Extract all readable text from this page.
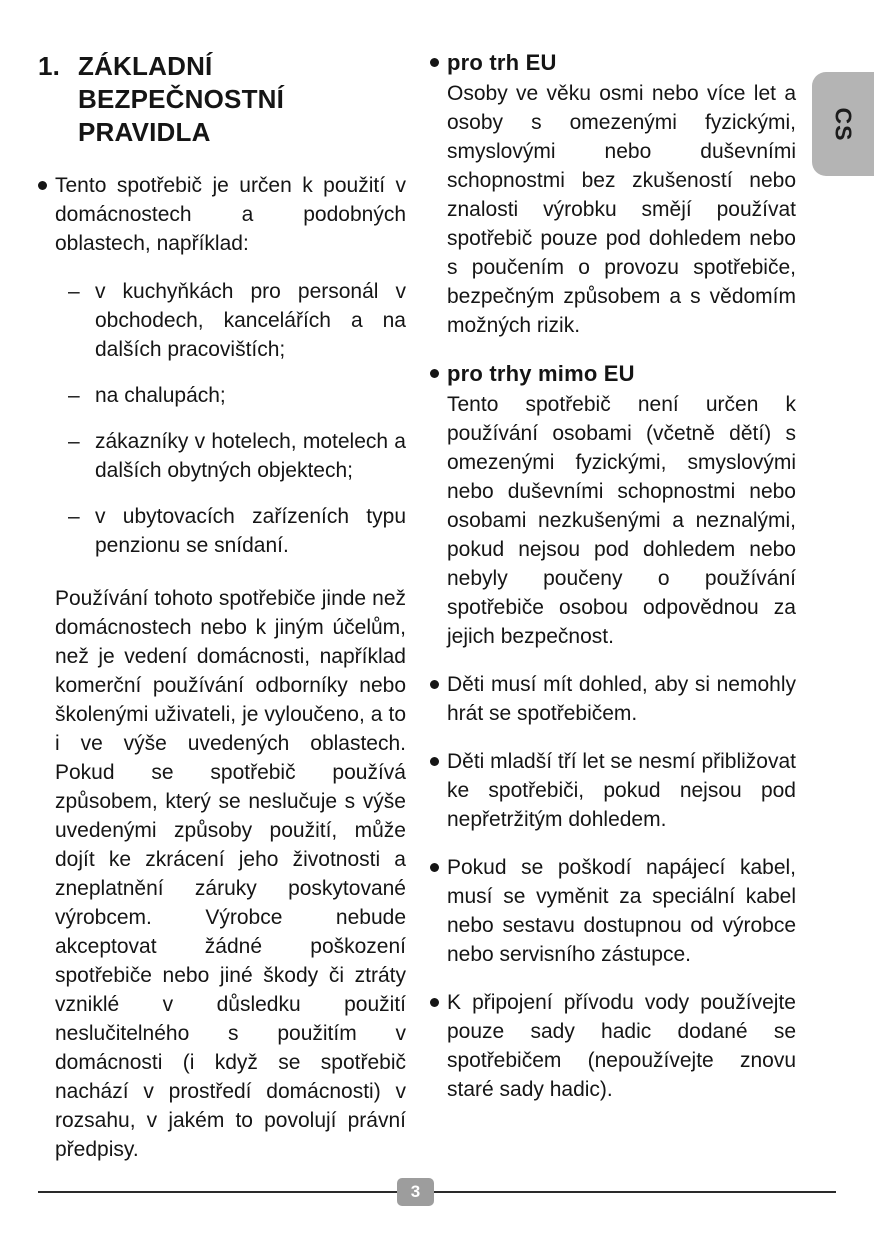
1. ZÁKLADNÍ BEZPEČNOSTNÍ
PRAVIDLA

Tento spotřebič je určen k použití v domácnostech a podobných oblastech, například:

– v kuchyňkách pro personál v obchodech, kancelářích a na dalších pracovištích;

– na chalupách;

– zákazníky v hotelech, motelech a dalších obytných objektech;

– v ubytovacích zařízeních typu penzionu se snídaní.

Používání tohoto spotřebiče jinde než domácnostech nebo k jiným účelům, než je vedení domácnosti, například komerční používání odborníky nebo školenými uživateli, je vyloučeno, a to i ve výše uvedených oblastech. Pokud se spotřebič používá způsobem, který se neslučuje s výše uvedenými způsoby použití, může dojít ke zkrácení jeho životnosti a zneplatnění záruky poskytované výrobcem. Výrobce nebude akceptovat žádné poškození spotřebiče nebo jiné škody či ztráty vzniklé v důsledku použití neslučitelného s použitím v domácnosti (i když se spotřebič nachází v prostředí domácnosti) v rozsahu, v jakém to povolují právní předpisy.

pro trh EU

Osoby ve věku osmi nebo více let a osoby s omezenými fyzickými, smyslovými nebo duševními schopnostmi bez zkušeností nebo znalosti výrobku smějí používat spotřebič pouze pod dohledem nebo s poučením o provozu spotřebiče, bezpečným způsobem a s vědomím možných rizik.

pro trhy mimo EU

Tento spotřebič není určen k používání osobami (včetně dětí) s omezenými fyzickými, smyslovými nebo duševními schopnostmi nebo osobami nezkušenými a neznalými, pokud nejsou pod dohledem nebo nebyly poučeny o používání spotřebiče osobou odpovědnou za jejich bezpečnost.

Děti musí mít dohled, aby si nemohly hrát se spotřebičem.

Děti mladší tří let se nesmí přibližovat ke spotřebiči, pokud nejsou pod nepřetržitým dohledem.

Pokud se poškodí napájecí kabel, musí se vyměnit za speciální kabel nebo sestavu dostupnou od výrobce nebo servisního zástupce.

K připojení přívodu vody používejte pouze sady hadic dodané se spotřebičem (nepoužívejte znovu staré sady hadic).

CS
3
